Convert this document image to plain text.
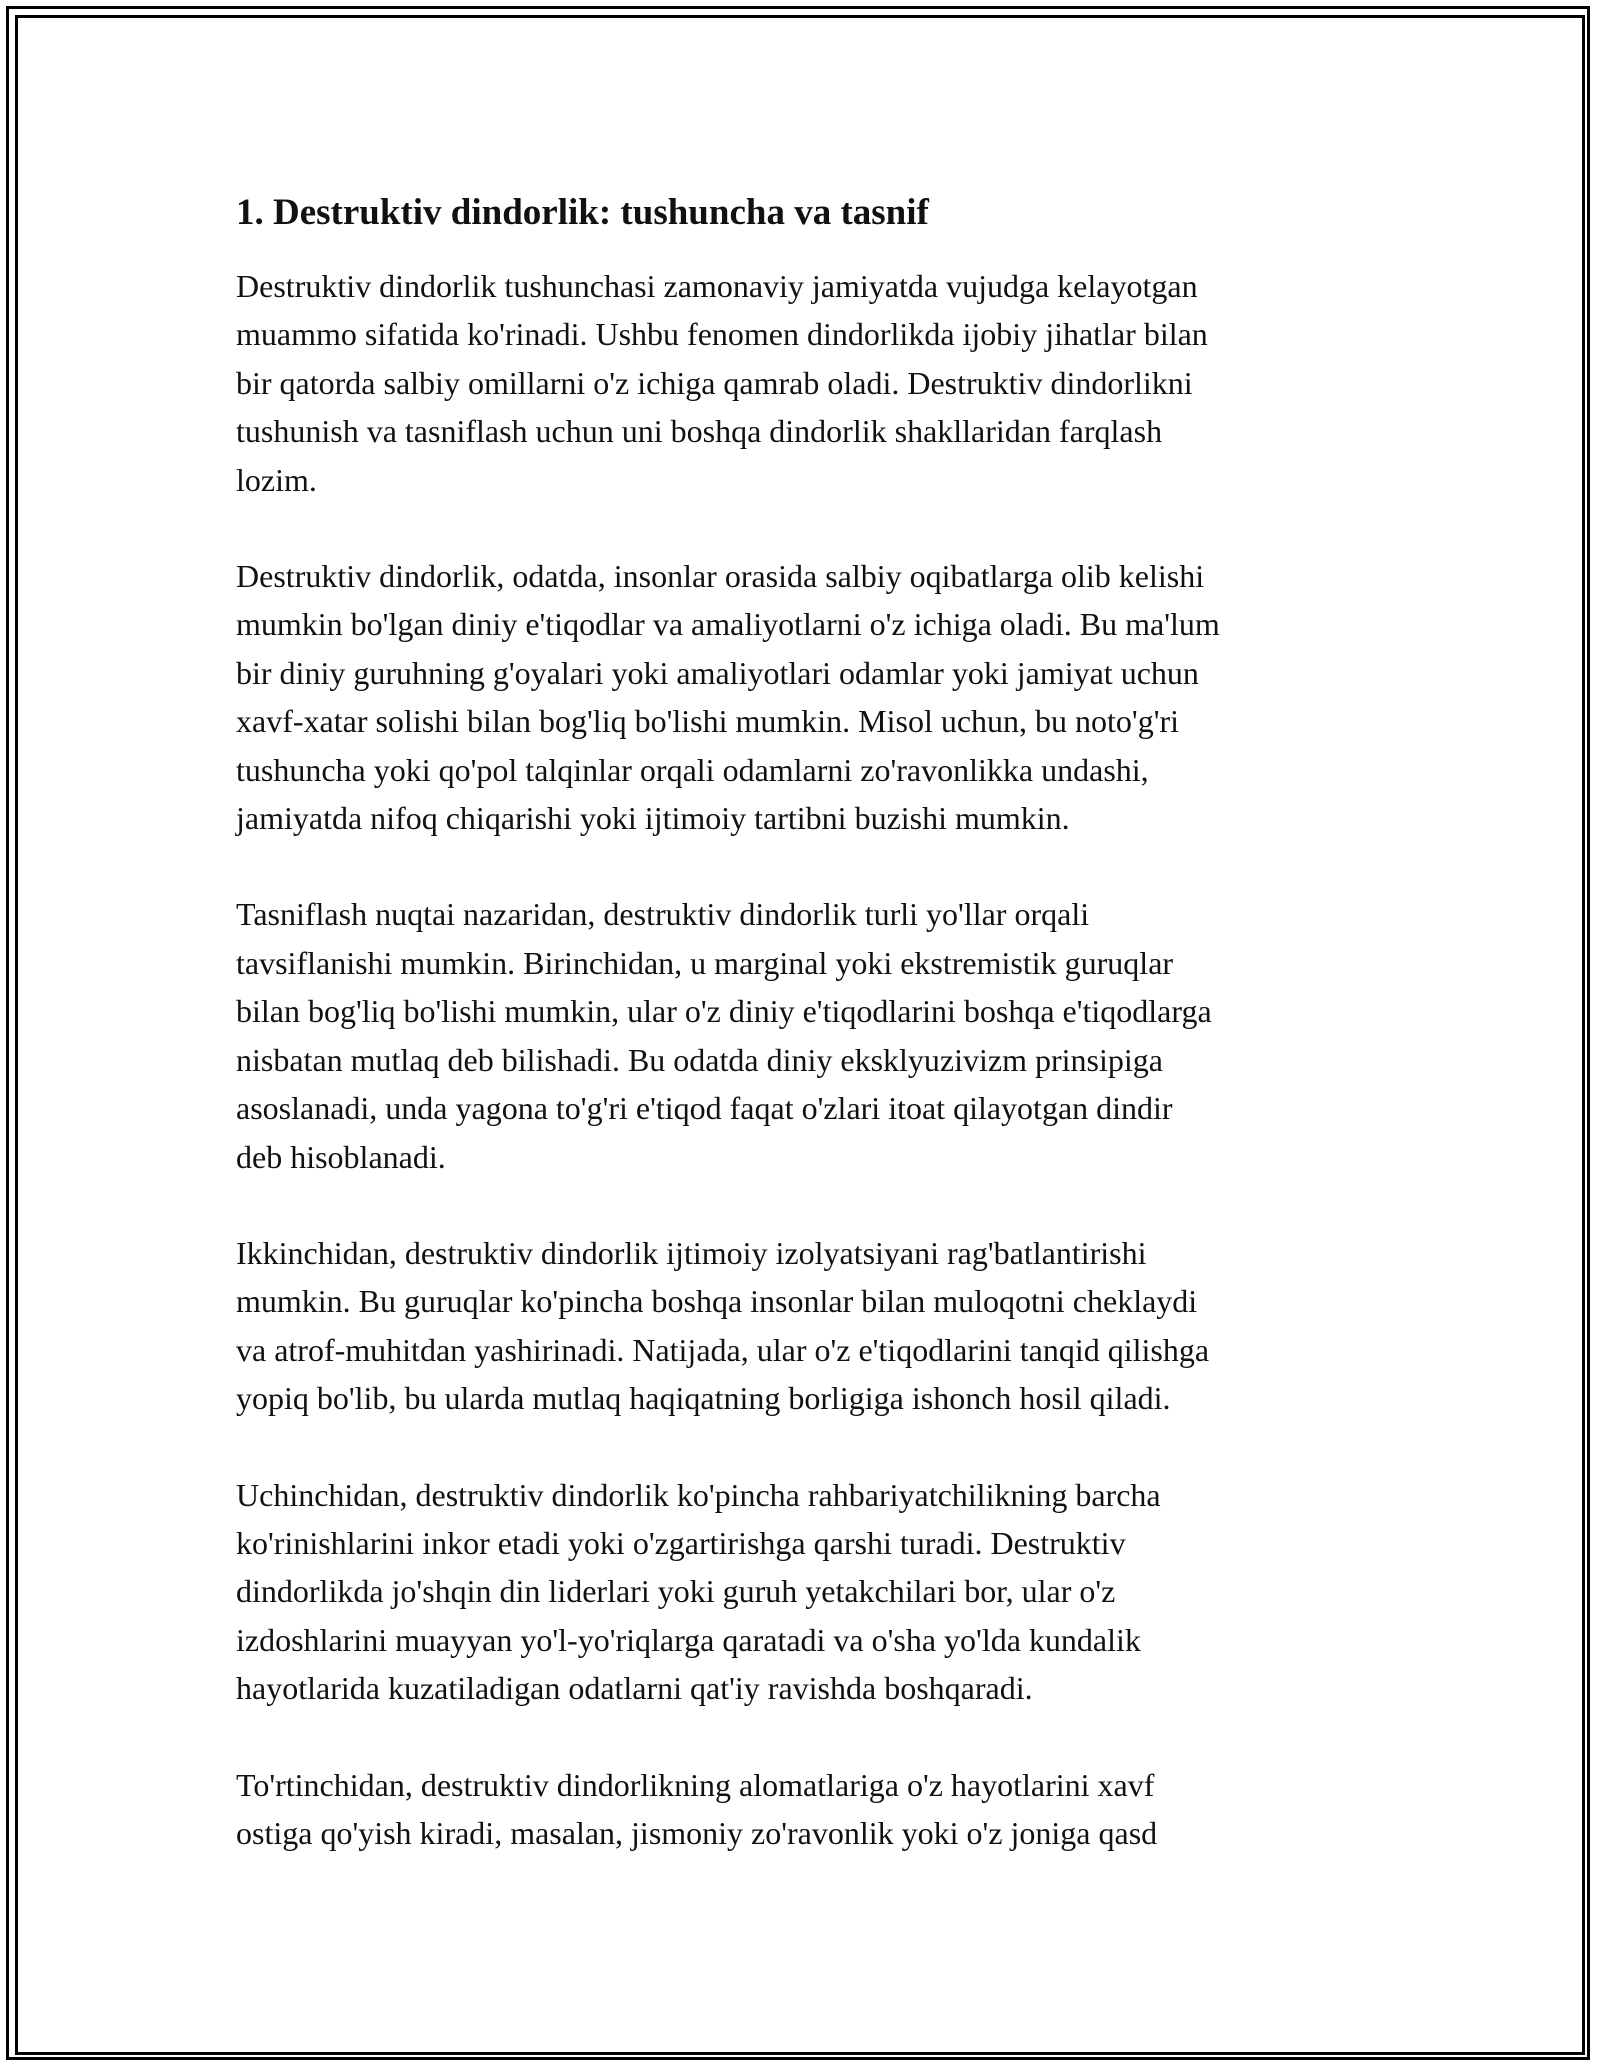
1. Destruktiv dindorlik: tushuncha va tasnif

Destruktiv dindorlik tushunchasi zamonaviy jamiyatda vujudga kelayotgan
muammo sifatida ko'rinadi. Ushbu fenomen dindorlikda ijobiy jihatlar bilan
bir qatorda salbiy omillarni o'z ichiga qamrab oladi. Destruktiv dindorlikni
tushunish va tasniflash uchun uni boshqa dindorlik shakllaridan farqlash
lozim.

Destruktiv dindorlik, odatda, insonlar orasida salbiy oqibatlarga olib kelishi
mumkin bo'lgan diniy e'tiqodlar va amaliyotlarni o'z ichiga oladi. Bu ma'lum
bir diniy guruhning g'oyalari yoki amaliyotlari odamlar yoki jamiyat uchun
xavf-xatar solishi bilan bog'liq bo'lishi mumkin. Misol uchun, bu noto'g'ri
tushuncha yoki qo'pol talqinlar orqali odamlarni zo'ravonlikka undashi,
jamiyatda nifoq chiqarishi yoki ijtimoiy tartibni buzishi mumkin.

Tasniflash nuqtai nazaridan, destruktiv dindorlik turli yo'llar orqali
tavsiflanishi mumkin. Birinchidan, u marginal yoki ekstremistik guruqlar
bilan bog'liq bo'lishi mumkin, ular o'z diniy e'tiqodlarini boshqa e'tiqodlarga
nisbatan mutlaq deb bilishadi. Bu odatda diniy eksklyuzivizm prinsipiga
asoslanadi, unda yagona to'g'ri e'tiqod faqat o'zlari itoat qilayotgan dindir
deb hisoblanadi.

Ikkinchidan, destruktiv dindorlik ijtimoiy izolyatsiyani rag'batlantirishi
mumkin. Bu guruqlar ko'pincha boshqa insonlar bilan muloqotni cheklaydi
va atrof-muhitdan yashirinadi. Natijada, ular o'z e'tiqodlarini tanqid qilishga
yopiq bo'lib, bu ularda mutlaq haqiqatning borligiga ishonch hosil qiladi.

Uchinchidan, destruktiv dindorlik ko'pincha rahbariyatchilikning barcha
ko'rinishlarini inkor etadi yoki o'zgartirishga qarshi turadi. Destruktiv
dindorlikda jo'shqin din liderlari yoki guruh yetakchilari bor, ular o'z
izdoshlarini muayyan yo'l-yo'riqlarga qaratadi va o'sha yo'lda kundalik
hayotlarida kuzatiladigan odatlarni qat'iy ravishda boshqaradi.

To'rtinchidan, destruktiv dindorlikning alomatlariga o'z hayotlarini xavf
ostiga qo'yish kiradi, masalan, jismoniy zo'ravonlik yoki o'z joniga qasd
